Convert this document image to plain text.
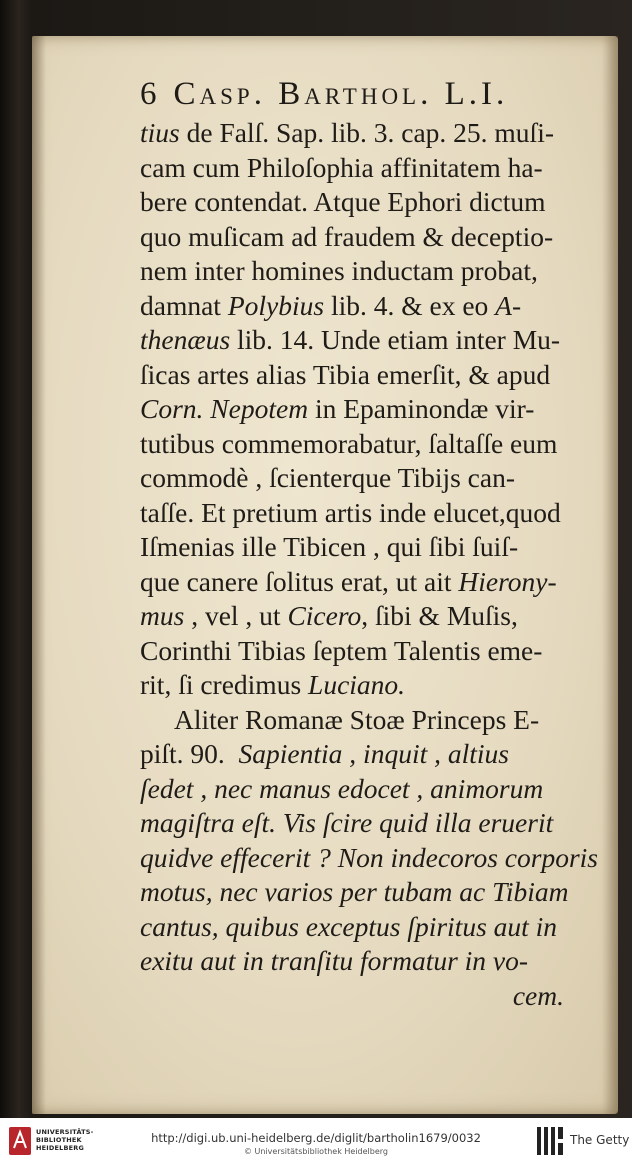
6 Casp. Barthol. L.I.
tius de Falſ. Sap. lib. 3. cap. 25. muſi-
cam cum Philoſophia affinitatem ha-
bere contendat. Atque Ephori dictum
quo muſicam ad fraudem & deceptio-
nem inter homines inductam probat,
damnat Polybius lib. 4. & ex eo A-
thenæus lib. 14. Unde etiam inter Mu-
ſicas artes alias Tibia emerſit, & apud
Corn. Nepotem in Epaminondæ vir-
tutibus commemorabatur, ſaltaſſe eum
commodè , ſcienterque Tibijs can-
taſſe. Et pretium artis inde elucet,quod
Iſmenias ille Tibicen , qui ſibi ſuiſ-
que canere ſolitus erat, ut ait Hierony-
mus , vel , ut Cicero, ſibi & Muſis,
Corinthi Tibias ſeptem Talentis eme-
rit, ſi credimus Luciano.
Aliter Romanæ Stoæ Princeps E-
piſt. 90. Sapientia , inquit , altius
ſedet , nec manus edocet , animorum
magiſtra eſt. Vis ſcire quid illa eruerit
quidve effecerit ? Non indecoros corporis
motus, nec varios per tubam ac Tibiam
cantus, quibus exceptus ſpiritus aut in
exitu aut in tranſitu formatur in vo-
cem.
UNIVERSITÄTS-
BIBLIOTHEK
HEIDELBERG
http://digi.ub.uni-heidelberg.de/diglit/bartholin1679/0032
© Universitätsbibliothek Heidelberg
The Getty
